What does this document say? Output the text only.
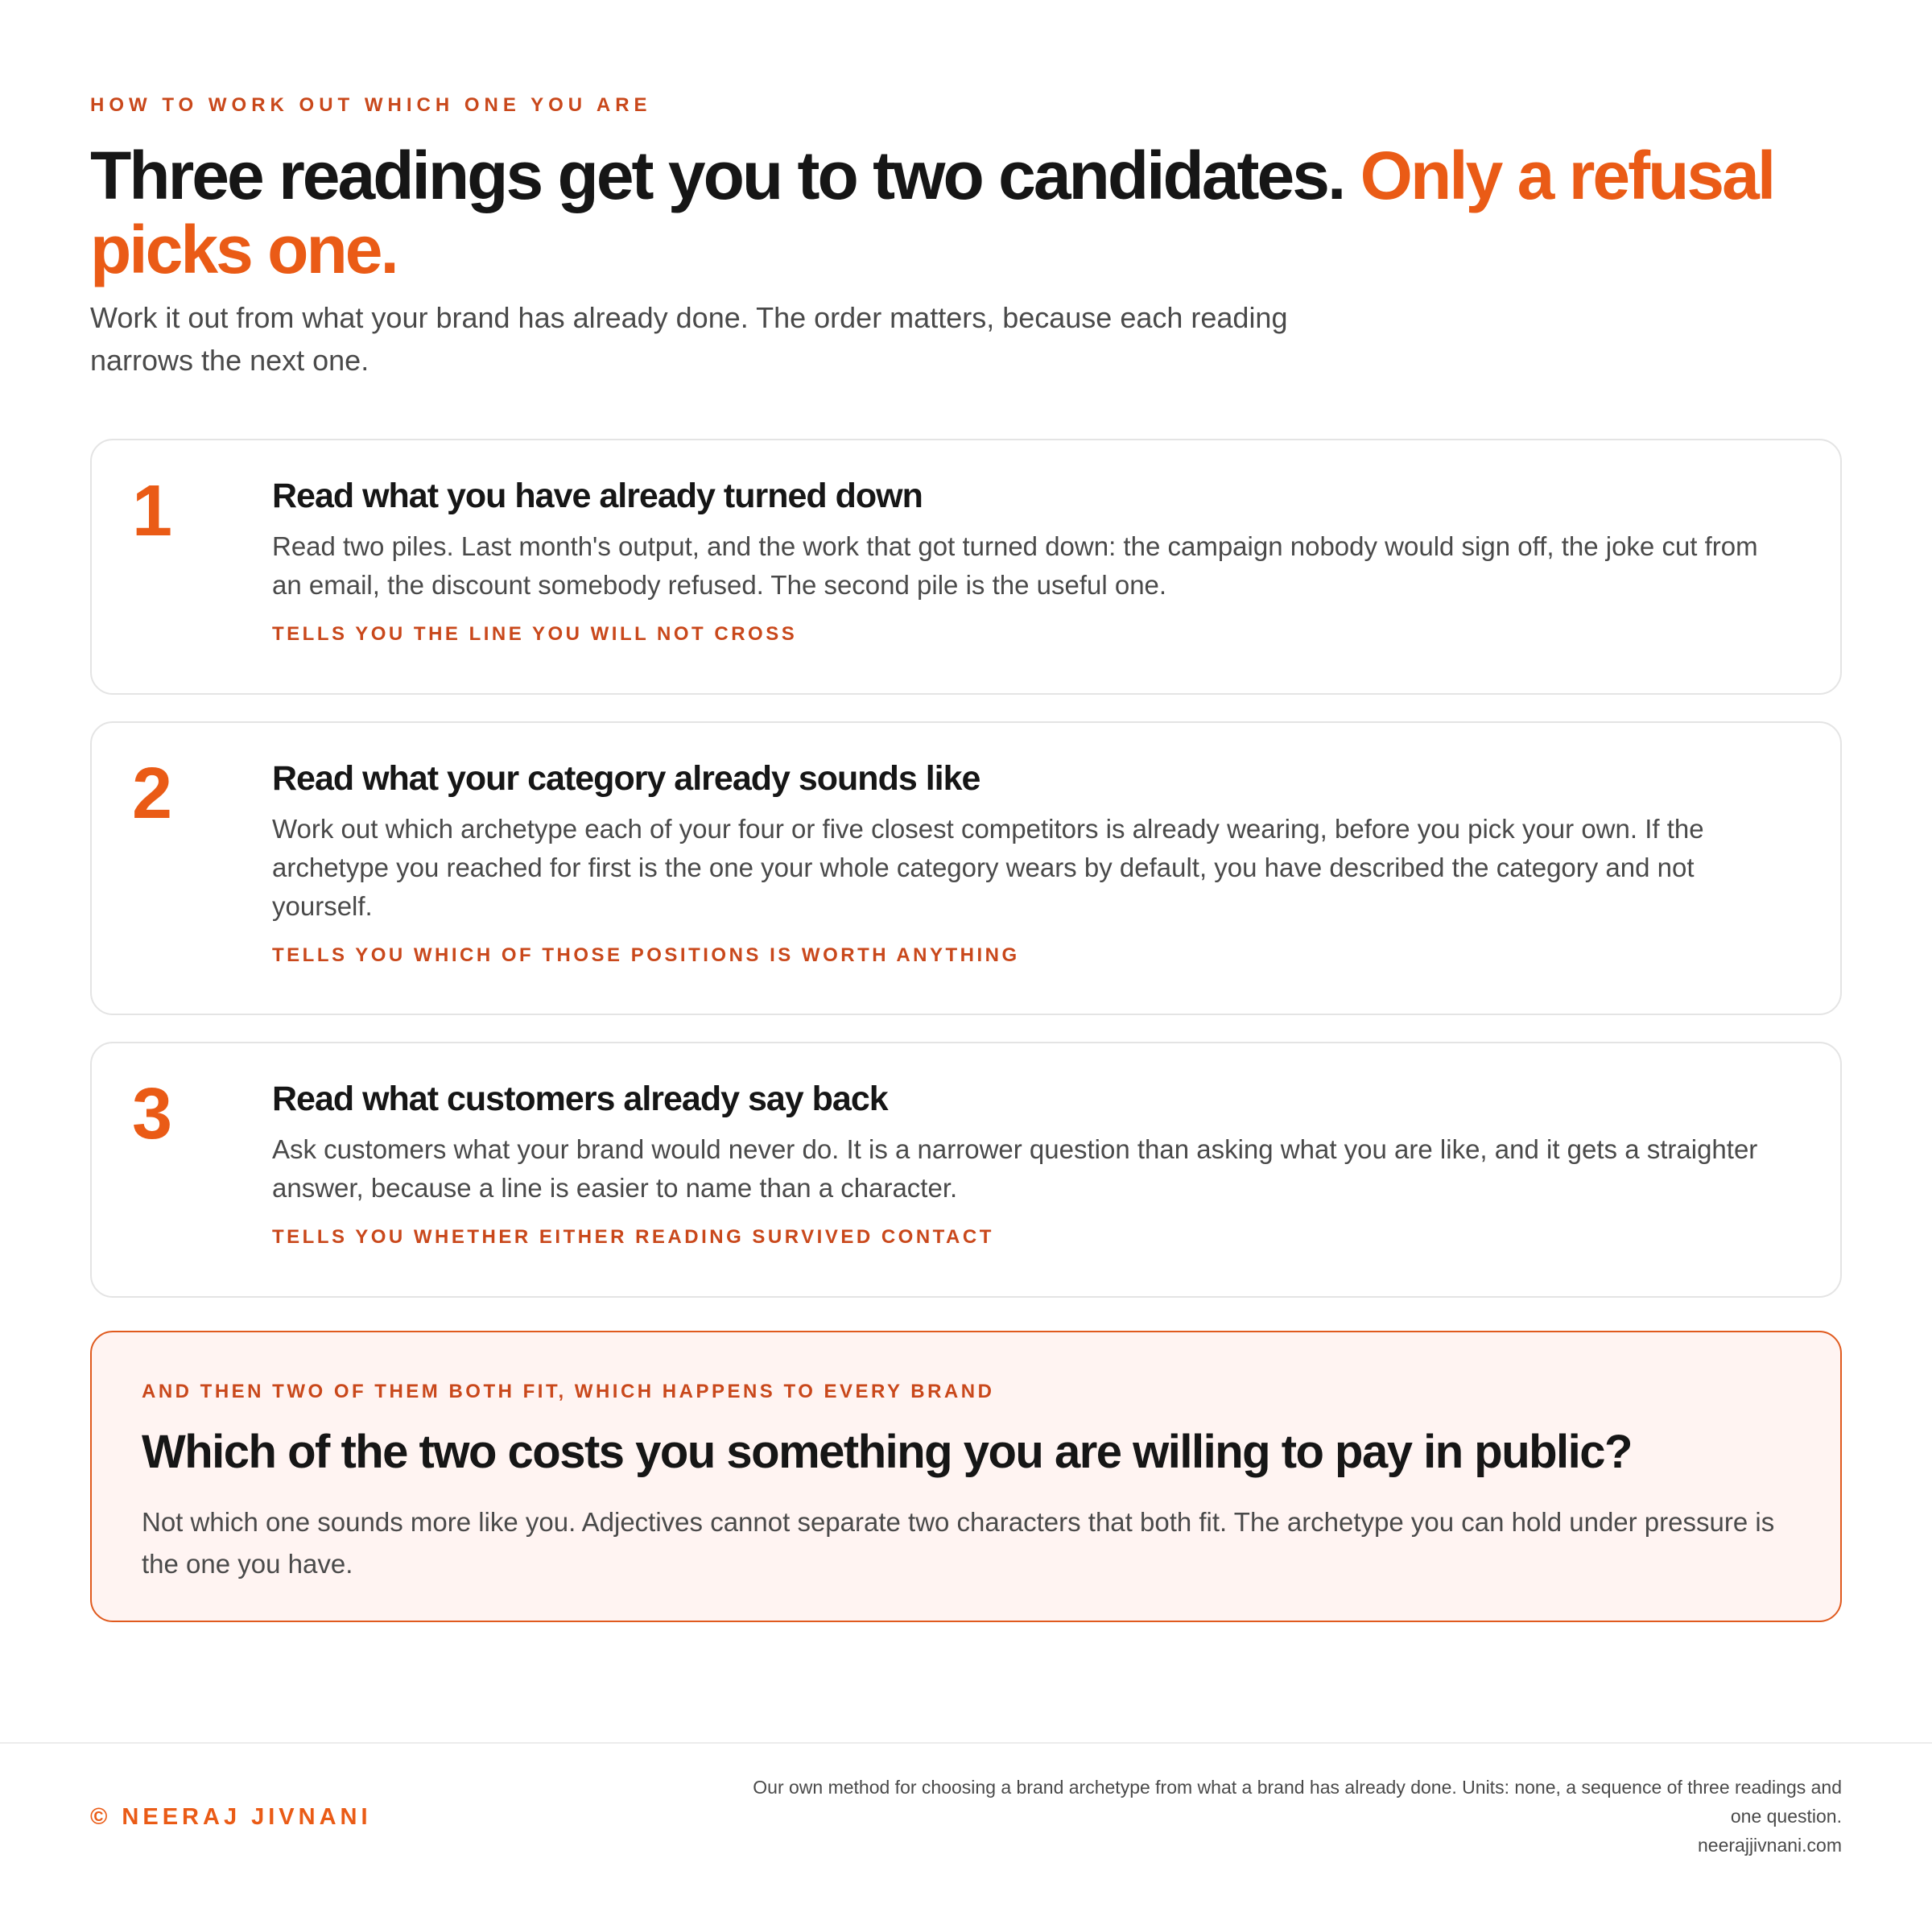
HOW TO WORK OUT WHICH ONE YOU ARE
Three readings get you to two candidates. Only a refusal picks one.

Work it out from what your brand has already done. The order matters, because each reading narrows the next one.

1	Read what you have already turned down

Read two piles. Last month's output, and the work that got turned down: the campaign nobody would sign off, the joke cut from an email, the discount somebody refused. The second pile is the useful one.

TELLS YOU THE LINE YOU WILL NOT CROSS
2	Read what your category already sounds like

Work out which archetype each of your four or five closest competitors is already wearing, before you pick your own. If the archetype you reached for first is the one your whole category wears by default, you have described the category and not yourself.

TELLS YOU WHICH OF THOSE POSITIONS IS WORTH ANYTHING
3	Read what customers already say back

Ask customers what your brand would never do. It is a narrower question than asking what you are like, and it gets a straighter answer, because a line is easier to name than a character.

TELLS YOU WHETHER EITHER READING SURVIVED CONTACT
AND THEN TWO OF THEM BOTH FIT, WHICH HAPPENS TO EVERY BRAND
Which of the two costs you something you are willing to pay in public?

Not which one sounds more like you. Adjectives cannot separate two characters that both fit. The archetype you can hold under pressure is the one you have.

© NEERAJ JIVNANI
Our own method for choosing a brand archetype from what a brand has already done. Units: none, a sequence of three readings and one question.
neerajjivnani.com
